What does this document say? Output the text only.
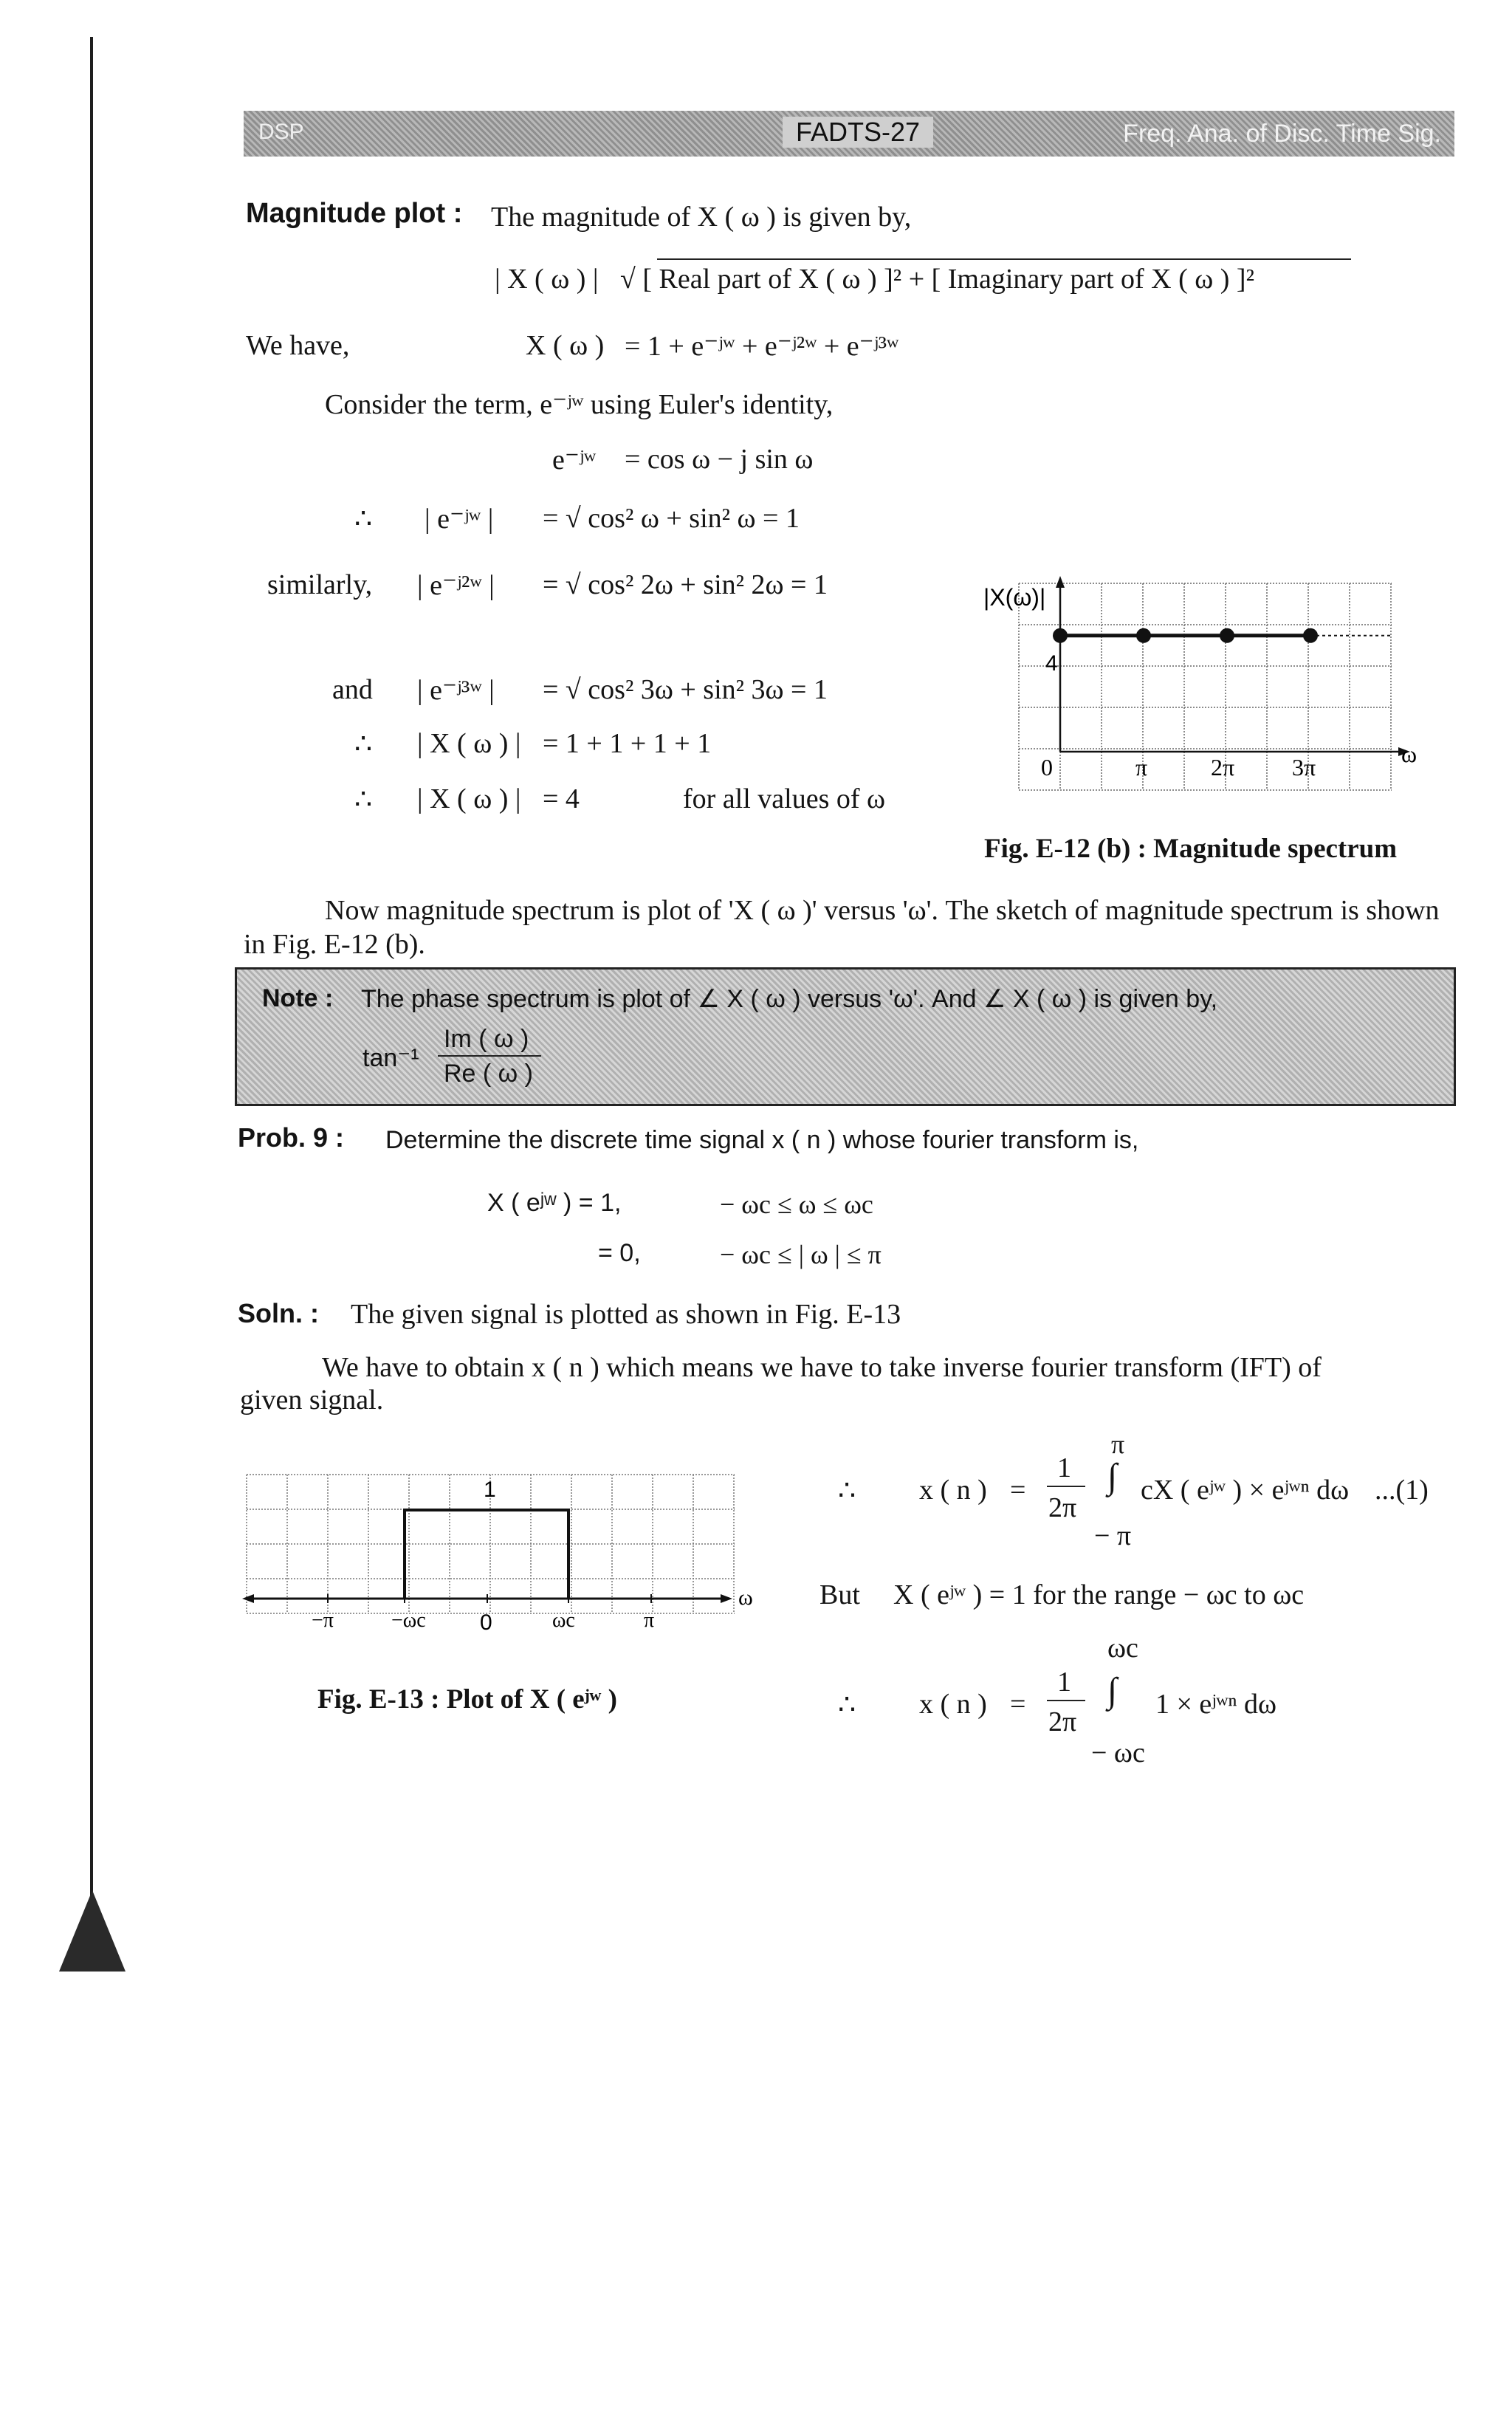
DSP	FADTS-27	Freq. Ana. of Disc. Time Sig.
Magnitude plot : The magnitude of X ( ω ) is given by,
| X ( ω ) | √ [ Real part of X ( ω ) ]² + [ Imaginary part of X ( ω ) ]²
We have,	X ( ω ) = 1 + e⁻ʲʷ + e⁻ʲ²ʷ + e⁻ʲ³ʷ
Consider the term, e⁻ʲʷ using Euler's identity,
e⁻ʲʷ = cos ω − j sin ω
∴ | e⁻ʲʷ | = √ cos² ω + sin² ω = 1
similarly, | e⁻ʲ²ʷ | = √ cos² 2ω + sin² 2ω = 1
and | e⁻ʲ³ʷ | = √ cos² 3ω + sin² 3ω = 1
∴ | X ( ω ) | = 1 + 1 + 1 + 1
∴ | X ( ω ) | = 4	for all values of ω
|X(ω)|
ω
4
0	π	2π 3π
Fig. E-12 (b) : Magnitude spectrum
Now magnitude spectrum is plot of 'X ( ω )' versus 'ω'. The sketch of magnitude spectrum is shown in Fig. E-12 (b).
Note : The phase spectrum is plot of ∠ X ( ω ) versus 'ω'. And ∠ X ( ω ) is given by,
tan⁻¹
Im ( ω )
Re ( ω )
Prob. 9 : Determine the discrete time signal x ( n ) whose fourier transform is,
X ( eʲʷ ) = 1,	− ωc ≤ ω ≤ ωc
= 0,	− ωc ≤ | ω | ≤ π
Soln. : The given signal is plotted as shown in Fig. E-13
We have to obtain x ( n ) which means we have to take inverse fourier transform (IFT) of
given signal.
1
ω
−π	−ωc 0	ωc	π
Fig. E-13 : Plot of X ( eʲʷ )
π
∴ x ( n ) =
1
2π
∫ cX ( eʲʷ ) × eʲʷⁿ dω ...(1)
− π
But X ( eʲʷ ) = 1 for the range − ωc to ωc
ωc
∴ x ( n ) =
1
2π
∫ 1 × eʲʷⁿ dω
− ωc
